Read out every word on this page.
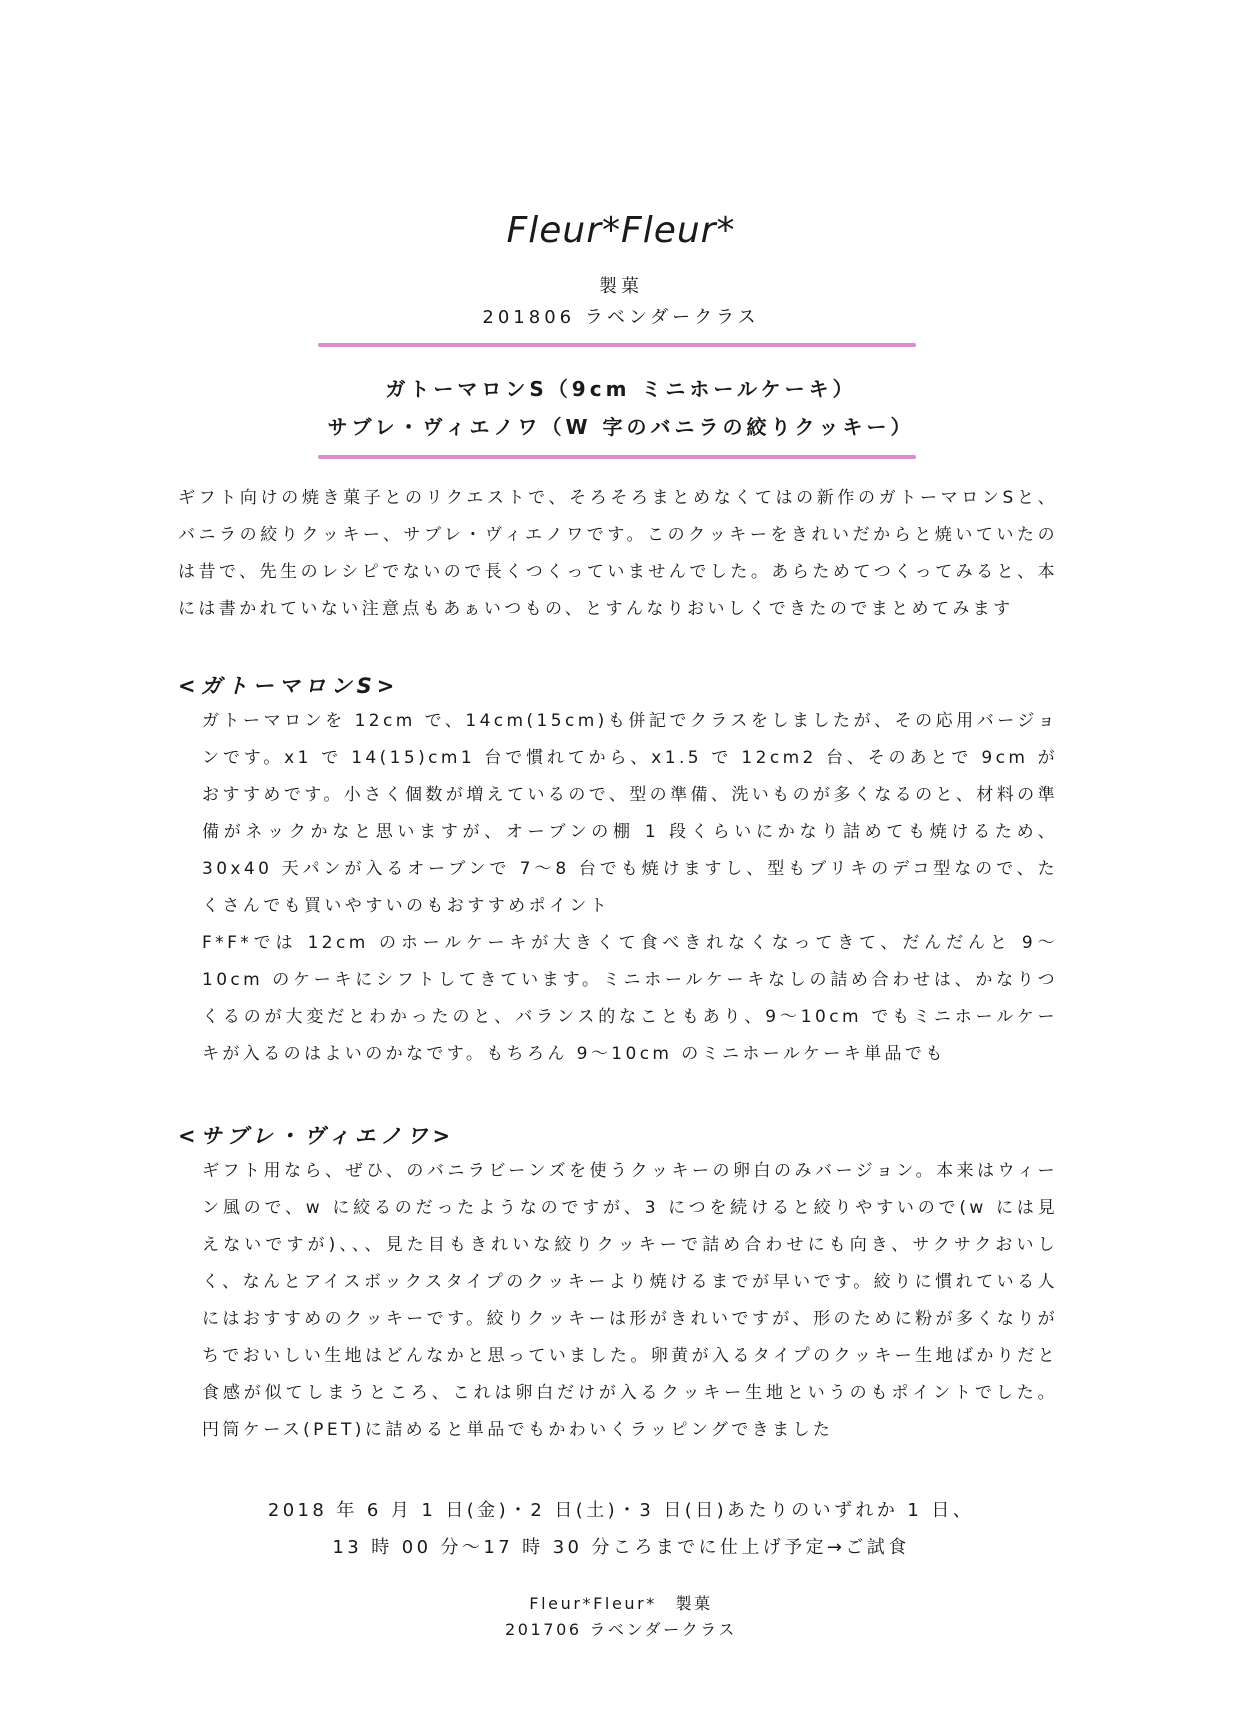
Fleur*Fleur*
製菓
201806 ラベンダークラス
ガトーマロンS（9cm ミニホールケーキ）
サブレ・ヴィエノワ（W 字のバニラの絞りクッキー）
ギフト向けの焼き菓子とのリクエストで、そろそろまとめなくてはの新作のガトーマロンSと、バニラの絞りクッキー、サブレ・ヴィエノワです。このクッキーをきれいだからと焼いていたのは昔で、先生のレシピでないので長くつくっていませんでした。あらためてつくってみると、本には書かれていない注意点もあぁいつもの、とすんなりおいしくできたのでまとめてみます
<ガトーマロンS>
ガトーマロンを 12cm で、14cm(15cm)も併記でクラスをしましたが、その応用バージョンです。x1 で 14(15)cm1 台で慣れてから、x1.5 で 12cm2 台、そのあとで 9cm がおすすめです。小さく個数が増えているので、型の準備、洗いものが多くなるのと、材料の準備がネックかなと思いますが、オーブンの棚 1 段くらいにかなり詰めても焼けるため、30x40 天パンが入るオーブンで 7～8 台でも焼けますし、型もブリキのデコ型なので、たくさんでも買いやすいのもおすすめポイント
F*F*では 12cm のホールケーキが大きくて食べきれなくなってきて、だんだんと 9～10cm のケーキにシフトしてきています。ミニホールケーキなしの詰め合わせは、かなりつくるのが大変だとわかったのと、バランス的なこともあり、9～10cm でもミニホールケーキが入るのはよいのかなです。もちろん 9～10cm のミニホールケーキ単品でも
<サブレ・ヴィエノワ>
ギフト用なら、ぜひ、のバニラビーンズを使うクッキーの卵白のみバージョン。本来はウィーン風ので、w に絞るのだったようなのですが、3 につを続けると絞りやすいので(w には見えないですが)、、、見た目もきれいな絞りクッキーで詰め合わせにも向き、サクサクおいしく、なんとアイスボックスタイプのクッキーより焼けるまでが早いです。絞りに慣れている人にはおすすめのクッキーです。絞りクッキーは形がきれいですが、形のために粉が多くなりがちでおいしい生地はどんなかと思っていました。卵黄が入るタイプのクッキー生地ばかりだと食感が似てしまうところ、これは卵白だけが入るクッキー生地というのもポイントでした。円筒ケース(PET)に詰めると単品でもかわいくラッピングできました
2018 年 6 月 1 日(金)・2 日(土)・3 日(日)あたりのいずれか 1 日、
13 時 00 分～17 時 30 分ころまでに仕上げ予定→ご試食
Fleur*Fleur*　製菓
201706 ラベンダークラス
